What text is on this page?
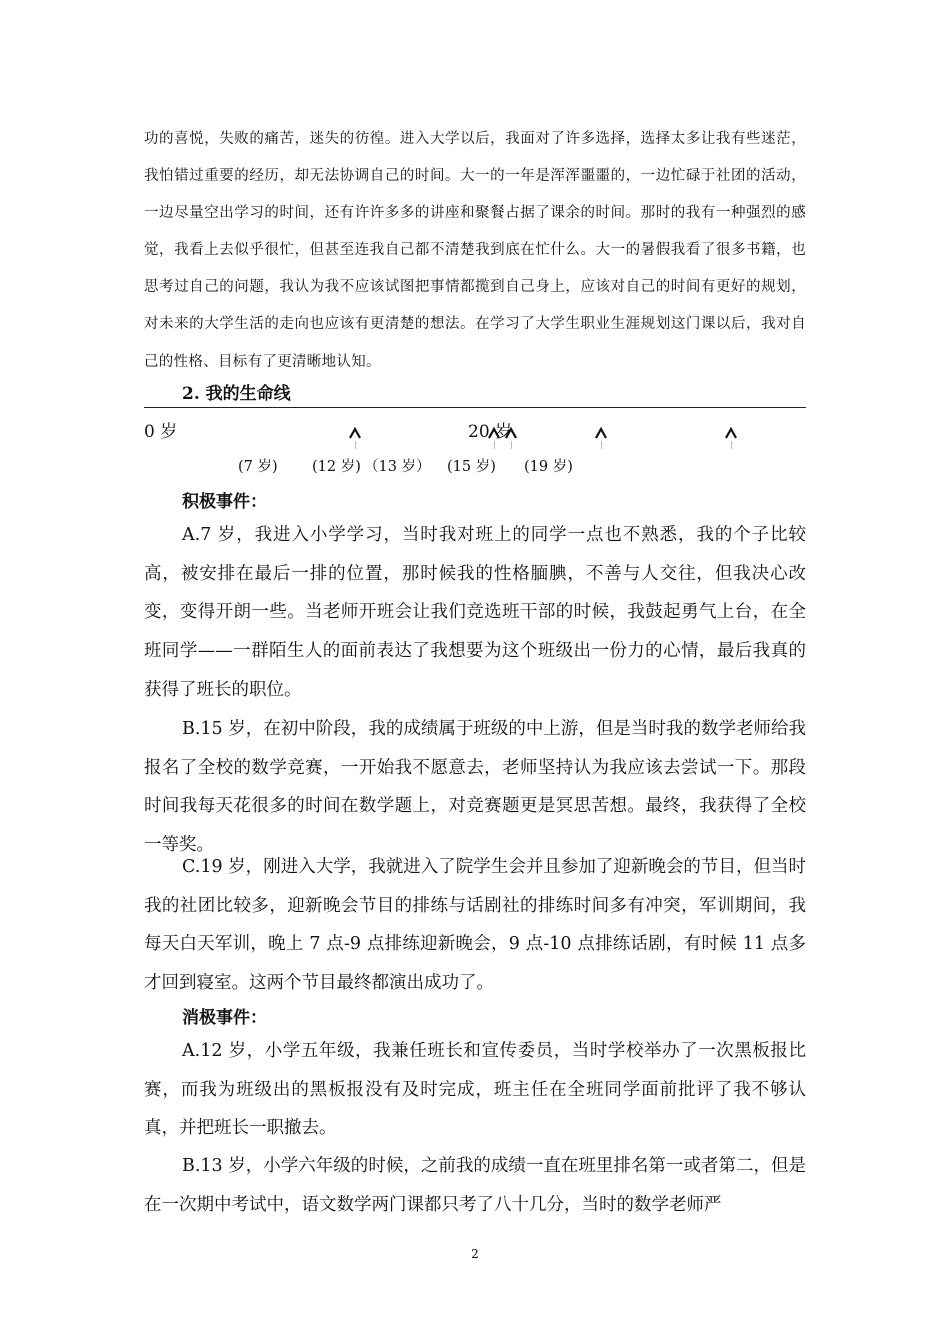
功的喜悦，失败的痛苦，迷失的彷徨。进入大学以后，我面对了许多选择，选择太多让我有些迷茫，我怕错过重要的经历，却无法协调自己的时间。大一的一年是浑浑噩噩的，一边忙碌于社团的活动，一边尽量空出学习的时间，还有许许多多的讲座和聚餐占据了课余的时间。那时的我有一种强烈的感觉，我看上去似乎很忙，但甚至连我自己都不清楚我到底在忙什么。大一的暑假我看了很多书籍，也思考过自己的问题，我认为我不应该试图把事情都揽到自己身上，应该对自己的时间有更好的规划，对未来的大学生活的走向也应该有更清楚的想法。在学习了大学生职业生涯规划这门课以后，我对自己的性格、目标有了更清晰地认知。

2. 我的生命线

0 岁	20 岁
(7 岁) (12 岁) （13 岁） (15 岁) (19 岁)

积极事件：

A.7 岁，我进入小学学习，当时我对班上的同学一点也不熟悉，我的个子比较高，被安排在最后一排的位置，那时候我的性格腼腆，不善与人交往，但我决心改变，变得开朗一些。当老师开班会让我们竞选班干部的时候，我鼓起勇气上台，在全班同学——一群陌生人的面前表达了我想要为这个班级出一份力的心情，最后我真的获得了班长的职位。

B.15 岁，在初中阶段，我的成绩属于班级的中上游，但是当时我的数学老师给我报名了全校的数学竞赛，一开始我不愿意去，老师坚持认为我应该去尝试一下。那段时间我每天花很多的时间在数学题上，对竞赛题更是冥思苦想。最终，我获得了全校一等奖。

C.19 岁，刚进入大学，我就进入了院学生会并且参加了迎新晚会的节目，但当时我的社团比较多，迎新晚会节目的排练与话剧社的排练时间多有冲突，军训期间，我每天白天军训，晚上 7 点-9 点排练迎新晚会，9 点-10 点排练话剧，有时候 11 点多才回到寝室。这两个节目最终都演出成功了。

消极事件：

A.12 岁，小学五年级，我兼任班长和宣传委员，当时学校举办了一次黑板报比赛，而我为班级出的黑板报没有及时完成，班主任在全班同学面前批评了我不够认真，并把班长一职撤去。

B.13 岁，小学六年级的时候，之前我的成绩一直在班里排名第一或者第二，但是在一次期中考试中，语文数学两门课都只考了八十几分，当时的数学老师严

2
